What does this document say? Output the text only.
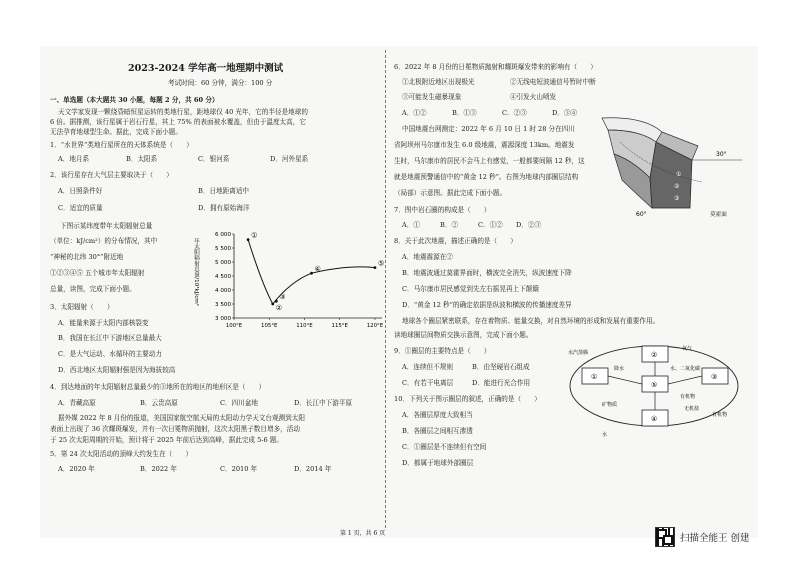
2023-2024 学年高一地理期中测试
考试时间：60 分钟，满分：100 分
一、单选题（本大题共 30 小题，每题 2 分，共 60 分）
天文学家发现一颗绕昏暗恒星运转的类地行星，距地球仅 40 光年，它的半径是地球的
6 倍。据推测，该行星属于岩石行星，其上 75% 的表面被水覆盖，但由于温度太高，它
无法孕育地球型生命。据此，完成下面小题。
1．“水世界”类地行星所在的天体系统是（　　）
A．地月系	B．太阳系	C．银河系	D．河外星系
2．该行星存在大气层主要取决于（　　）
A．日照条件好	B．日地距离适中
C．适宜的质量	D．拥有原始海洋
下图示某纬度带年太阳辐射总量
（单位：kJ/cm²）的分布情况，其中
“神秘的北纬 30°”附近地
①②③④⑤ 五个城市年太阳辐射
总量，读图，完成下面小题。
3 000
3 500
4 000
4 500
5 000
5 500
6 000
100°E	105°E	110°E	115°E	120°E
年太阳辐射总量/10³kJ/cm²
①
②
③
④
⑤
3．太阳辐射（　　）
A．能量来源于太阳内部核裂变
B．我国在长江中下游地区总量最大
C．是大气运动、水循环的主要动力
D．西北地区太阳辐射强是因为海拔较高
4．到达地面的年太阳辐射总量最少的③地所在的地区的地形区是（　　）
A．青藏高原	B．云贵高原	C．四川盆地	D．长江中下游平原
据外媒 2022 年 8 月份的报道，美国国家航空航天局的太阳动力学天文台观测到太阳
表面上出现了 36 次耀斑爆发，并有一次日冕物质抛射，这次太阳黑子数目增多，活动
于 25 次太阳周期的开始，预计将于 2025 年前后达到高峰，据此完成 5-6 题。
5．第 24 次太阳活动的顶峰大约发生在（　　）
A．2020 年	B．2022 年	C．2010 年	D．2014 年
6．2022 年 8 月份的日冕物质抛射和耀斑爆发带来的影响有（　　）
①北极附近地区出现极光	②无线电短波通信号暂时中断
③可能发生磁暴现象	④引发火山喷发
A．①②	B．①③	C．②③	D．③④
中国地震台网测定：2022 年 6 月 10 日 1 时 28 分在四川
省阿坝州马尔康市发生 6.0 级地震，震源深度 13km。地震发
生时，马尔康市的居民不会马上有感觉，一般都要间隔 12 秒，这
就是地震预警通信中的“黄金 12 秒”。右图为地球内部圈层结构
（局部）示意图。据此完成下面小题。
30°
60°	莫霍面
①
②
③
7．图中岩石圈的构成是（　　）
A．①	B．②	C．①② D．②③
8．关于此次地震，描述正确的是（　　）
A．地震震源在②
B．地震波通过莫霍界面时，横波完全消失，纵波速度下降
C．马尔康市居民感觉到先左右摇晃再上下颠簸
D．“黄金 12 秒”的确定依据是纵波和横波的传播速度差异
地球各个圈层紧密联系，存在着物质、能量交换，对自然环境的形成和发展有重要作用。
读地球圈层间物质交换示意图，完成下面小题。
9．①圈层的主要特点是（　　）
A．连续但不规则	B．由坚硬岩石组成
C．有若干电离层	D．能进行光合作用
10．下列关于图示圈层的叙述，正确的是（　　）
A．各圈层厚度大致相当
B．各圈层之间相互渗透
C．①圈层是不连续但有空间
D．都属于地球外部圈层
①
②
③
④
⑤
水汽蒸腾
降水
氧气
水、二氧化碳
有机物
矿物质
水
无机盐
有机物
第 1 页，共 6 页	扫描全能王 创建
